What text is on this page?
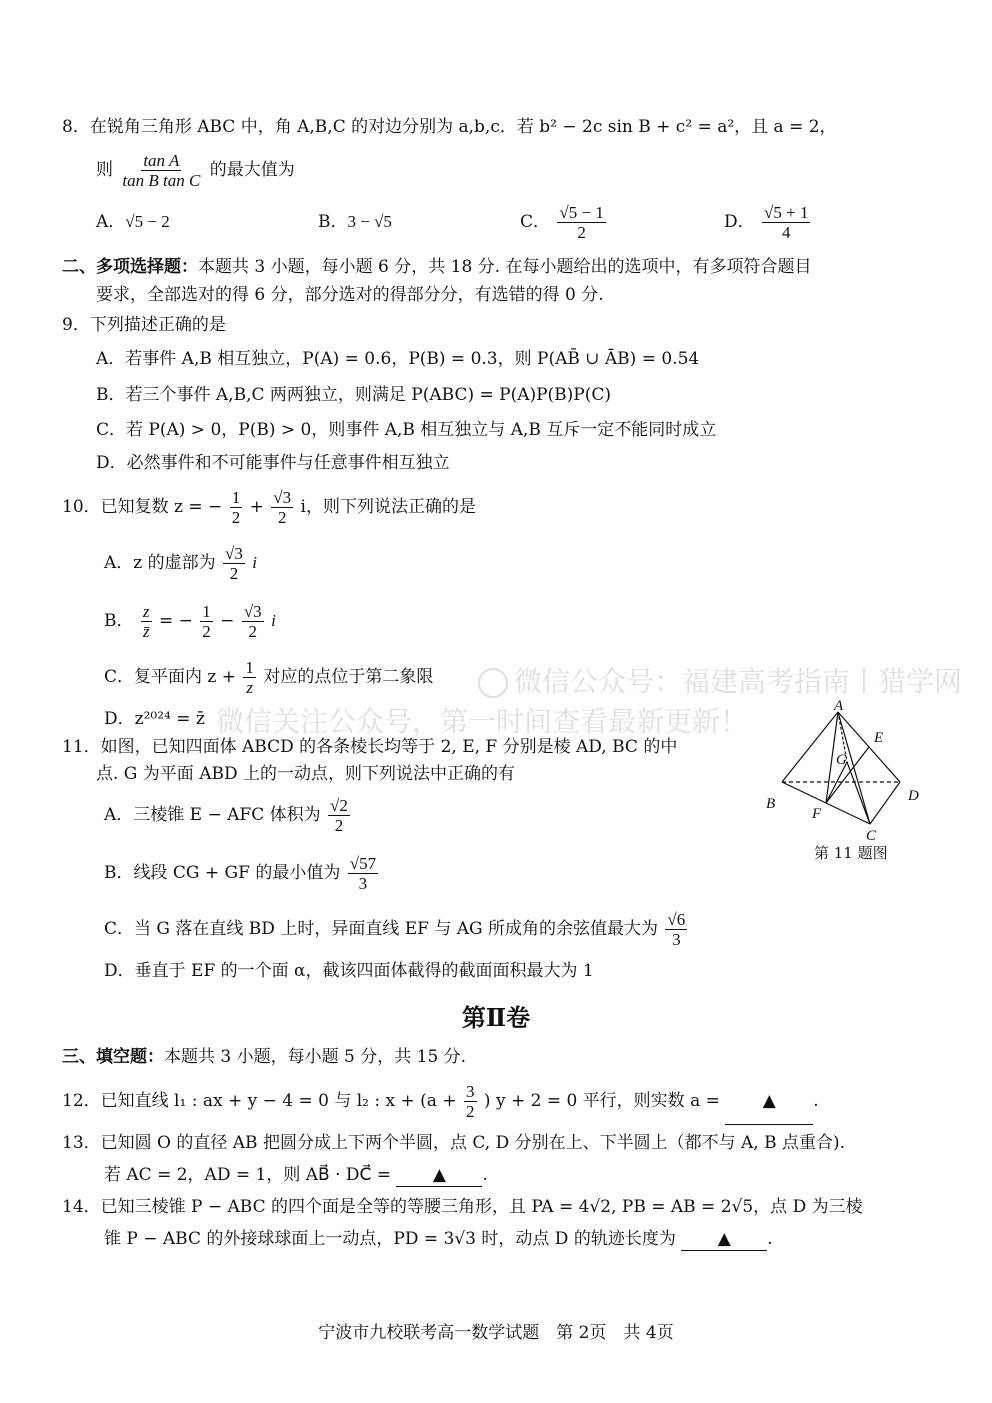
8．在锐角三角形 ABC 中，角 A,B,C 的对边分别为 a,b,c．若 b² − 2c sin B + c² = a²，且 a = 2，
则 $\frac{\text{tan A}}{\text{tan B tan C}}$ 的最大值为
A．√5 − 2	B．3 − √5	C． $\frac{√5 - 1}{2}$	D． $\frac{√5 + 1}{4}$
二、多项选择题：本题共 3 小题，每小题 6 分，共 18 分. 在每小题给出的选项中，有多项符合题目
要求，全部选对的得 6 分，部分选对的得部分分，有选错的得 0 分.
9．下列描述正确的是
A．若事件 A,B 相互独立，P(A) = 0.6，P(B) = 0.3，则 P(AB̄ ∪ ĀB) = 0.54
B．若三个事件 A,B,C 两两独立，则满足 P(ABC) = P(A)P(B)P(C)
C．若 P(A) > 0，P(B) > 0，则事件 A,B 相互独立与 A,B 互斥一定不能同时成立
D．必然事件和不可能事件与任意事件相互独立
10．已知复数 z = − $\frac{1}{2} + \frac{√3}{2}$ i，则下列说法正确的是
A．z 的虚部为 $\frac{√3}{2}$ i
B． $\frac{z}{z̄}$ = − $\frac{1}{2} - \frac{√3}{2}$ i
C．复平面内 $z + \frac{1}{z}$ 对应的点位于第二象限
D．z²⁰²⁴ = z̄
微信公众号：福建高考指南丨猎学网
微信关注公众号，第一时间查看最新更新！
11．如图，已知四面体 ABCD 的各条棱长均等于 2, E, F 分别是棱 AD, BC 的中
点. G 为平面 ABD 上的一动点，则下列说法中正确的有
A．三棱锥 E − AFC 体积为 $\frac{√2}{2}$
B．线段 CG + GF 的最小值为 $\frac{√57}{3}$
C．当 G 落在直线 BD 上时，异面直线 EF 与 AG 所成角的余弦值最大为 $\frac{√6}{3}$
D．垂直于 EF 的一个面 α，截该四面体截得的截面面积最大为 1
A
B
C
D
E
F
G
第 11 题图
第Ⅱ卷
三、填空题：本题共 3 小题，每小题 5 分，共 15 分.
12．已知直线 l₁ : ax + y − 4 = 0 与 l₂ : $x + (a + \frac{3}{2}$ ) y + 2 = 0 平行，则实数 a =	▲ .
13．已知圆 O 的直径 AB 把圆分成上下两个半圆，点 C, D 分别在上、下半圆上（都不与 A, B 点重合).
若 AC = 2，AD = 1，则 AB⃗ · DC⃗ = ▲ .
14．已知三棱锥 P − ABC 的四个面是全等的等腰三角形，且 PA = 4√2, PB = AB = 2√5，点 D 为三棱
锥 P − ABC 的外接球球面上一动点，PD = 3√3 时，动点 D 的轨迹长度为 ▲ .
宁波市九校联考高一数学试题　第 2页　共 4页
